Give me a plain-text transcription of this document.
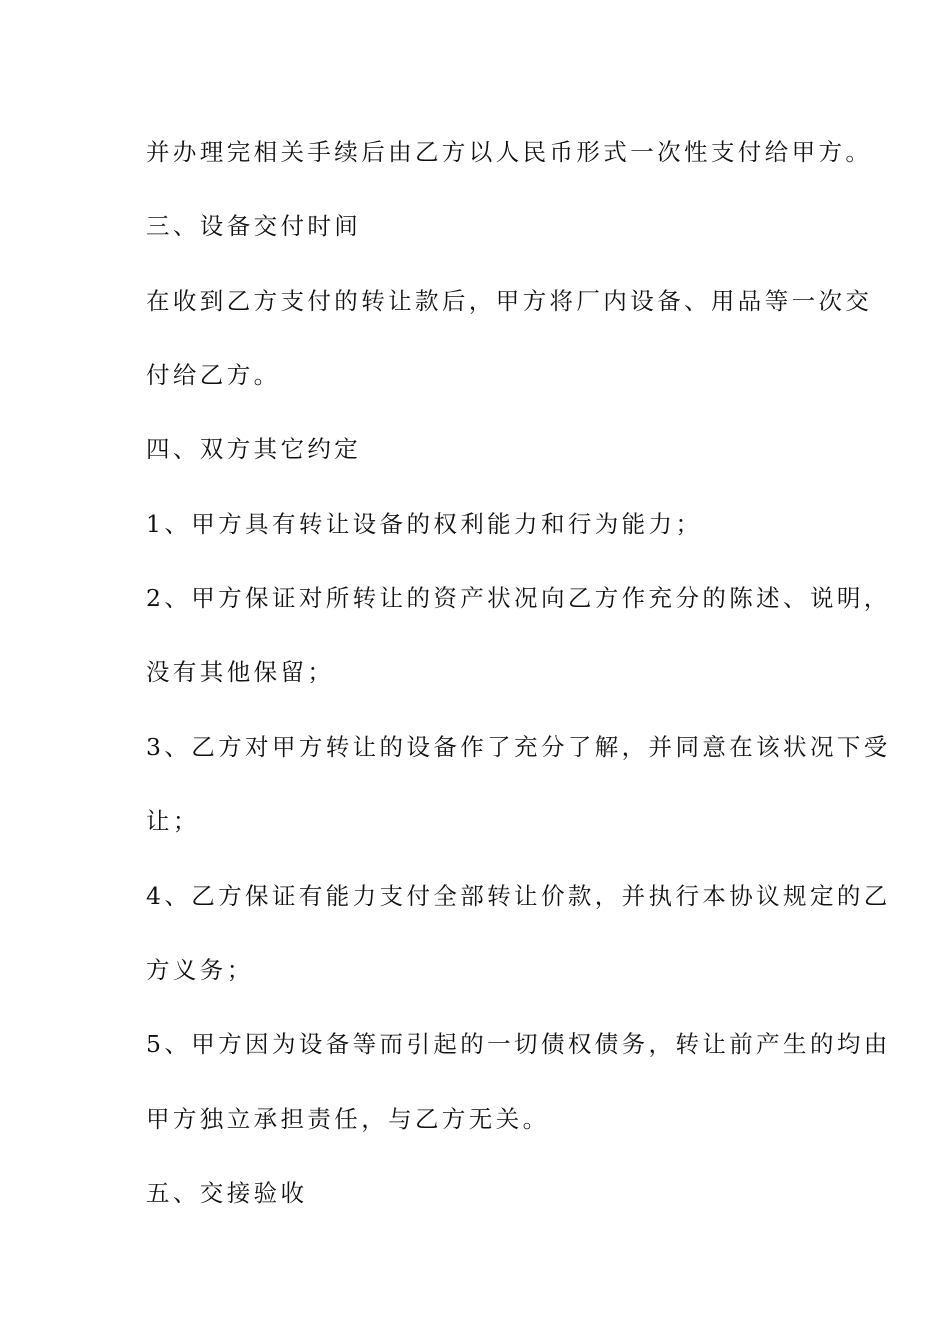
并办理完相关手续后由乙方以人民币形式一次性支付给甲方。
三、设备交付时间
在收到乙方支付的转让款后，甲方将厂内设备、用品等一次交
付给乙方。
四、双方其它约定
1、甲方具有转让设备的权利能力和行为能力；
2、甲方保证对所转让的资产状况向乙方作充分的陈述、说明，
没有其他保留；
3、乙方对甲方转让的设备作了充分了解，并同意在该状况下受
让；
4、乙方保证有能力支付全部转让价款，并执行本协议规定的乙
方义务；
5、甲方因为设备等而引起的一切债权债务，转让前产生的均由
甲方独立承担责任，与乙方无关。
五、交接验收
